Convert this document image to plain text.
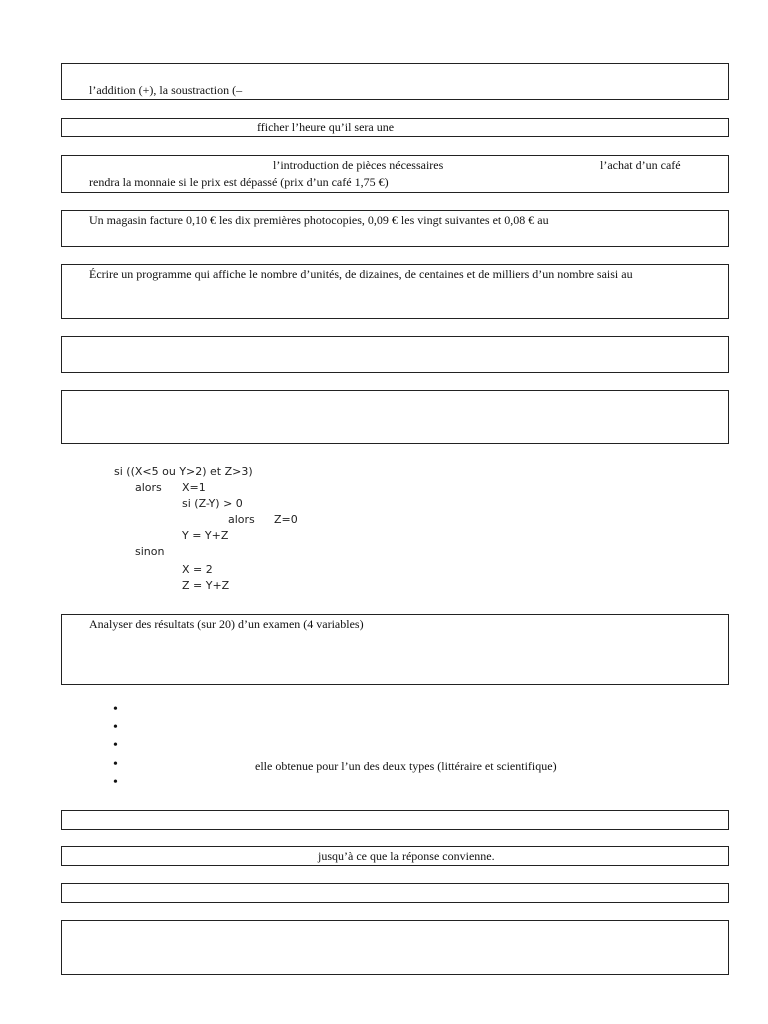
l’addition (+), la soustraction (–
fficher l’heure qu’il sera une
l’introduction de pièces nécessaires	l’achat d’un café
rendra la monnaie si le prix est dépassé (prix d’un café 1,75 €)
Un magasin facture 0,10 € les dix premières photocopies, 0,09 € les vingt suivantes et 0,08 € au
Écrire un programme qui affiche le nombre d’unités, de dizaines, de centaines et de milliers d’un nombre saisi au
si ((X<5 ou Y>2) et Z>3)
alors X=1
si (Z-Y) > 0
alors Z=0
Y = Y+Z
sinon
X = 2
Z = Y+Z
Analyser des résultats (sur 20) d’un examen (4 variables)
•
•
•
•	elle obtenue pour l’un des deux types (littéraire et scientifique)
•
jusqu’à ce que la réponse convienne.
